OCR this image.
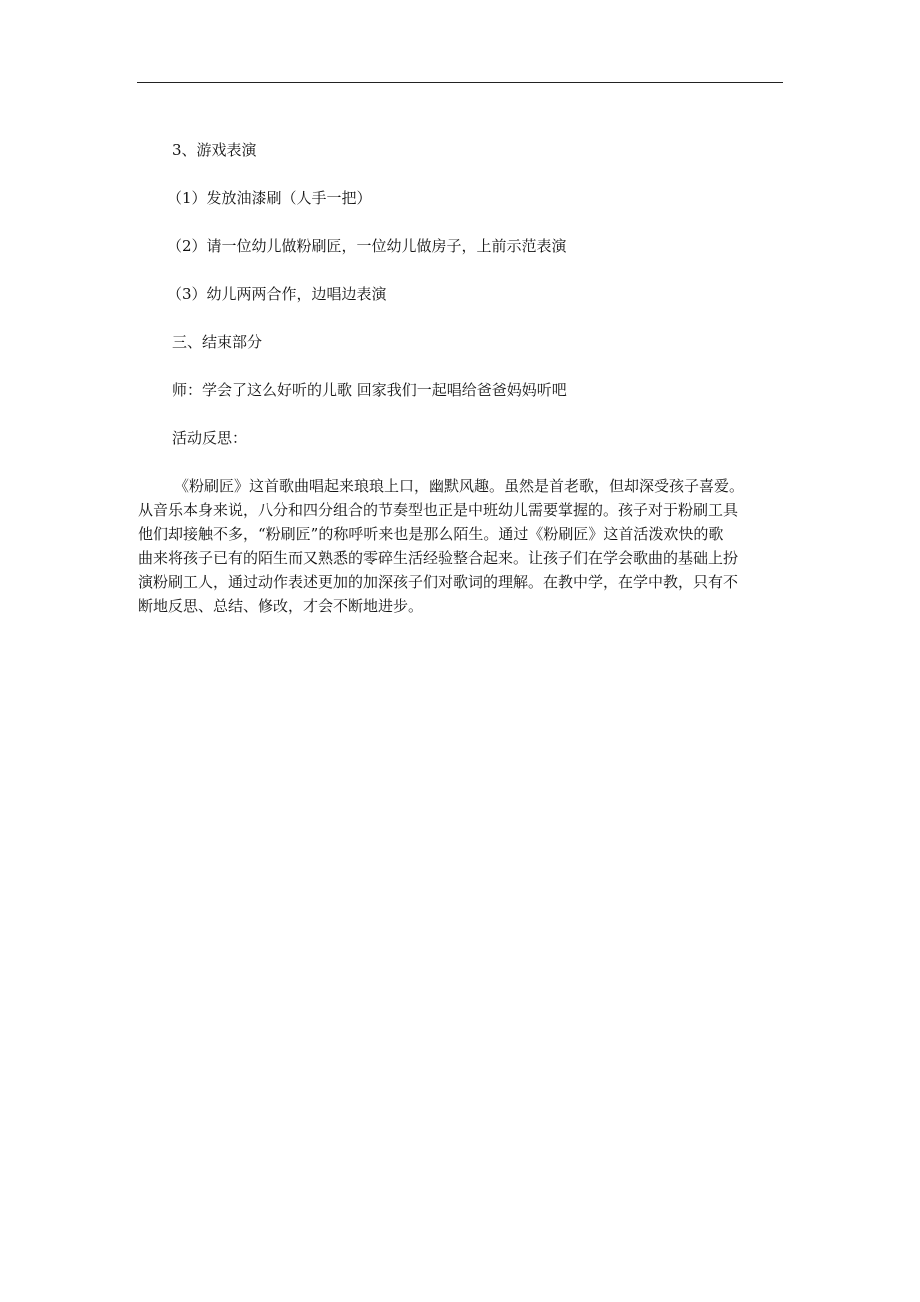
3、游戏表演
（1）发放油漆刷（人手一把）
（2）请一位幼儿做粉刷匠，一位幼儿做房子，上前示范表演
（3）幼儿两两合作，边唱边表演
三、结束部分
师：学会了这么好听的儿歌 回家我们一起唱给爸爸妈妈听吧
活动反思：
《粉刷匠》这首歌曲唱起来琅琅上口，幽默风趣。虽然是首老歌，但却深受孩子喜爱。
从音乐本身来说，八分和四分组合的节奏型也正是中班幼儿需要掌握的。孩子对于粉刷工具
他们却接触不多，“粉刷匠”的称呼听来也是那么陌生。通过《粉刷匠》这首活泼欢快的歌
曲来将孩子已有的陌生而又熟悉的零碎生活经验整合起来。让孩子们在学会歌曲的基础上扮
演粉刷工人，通过动作表述更加的加深孩子们对歌词的理解。在教中学，在学中教，只有不
断地反思、总结、修改，才会不断地进步。
